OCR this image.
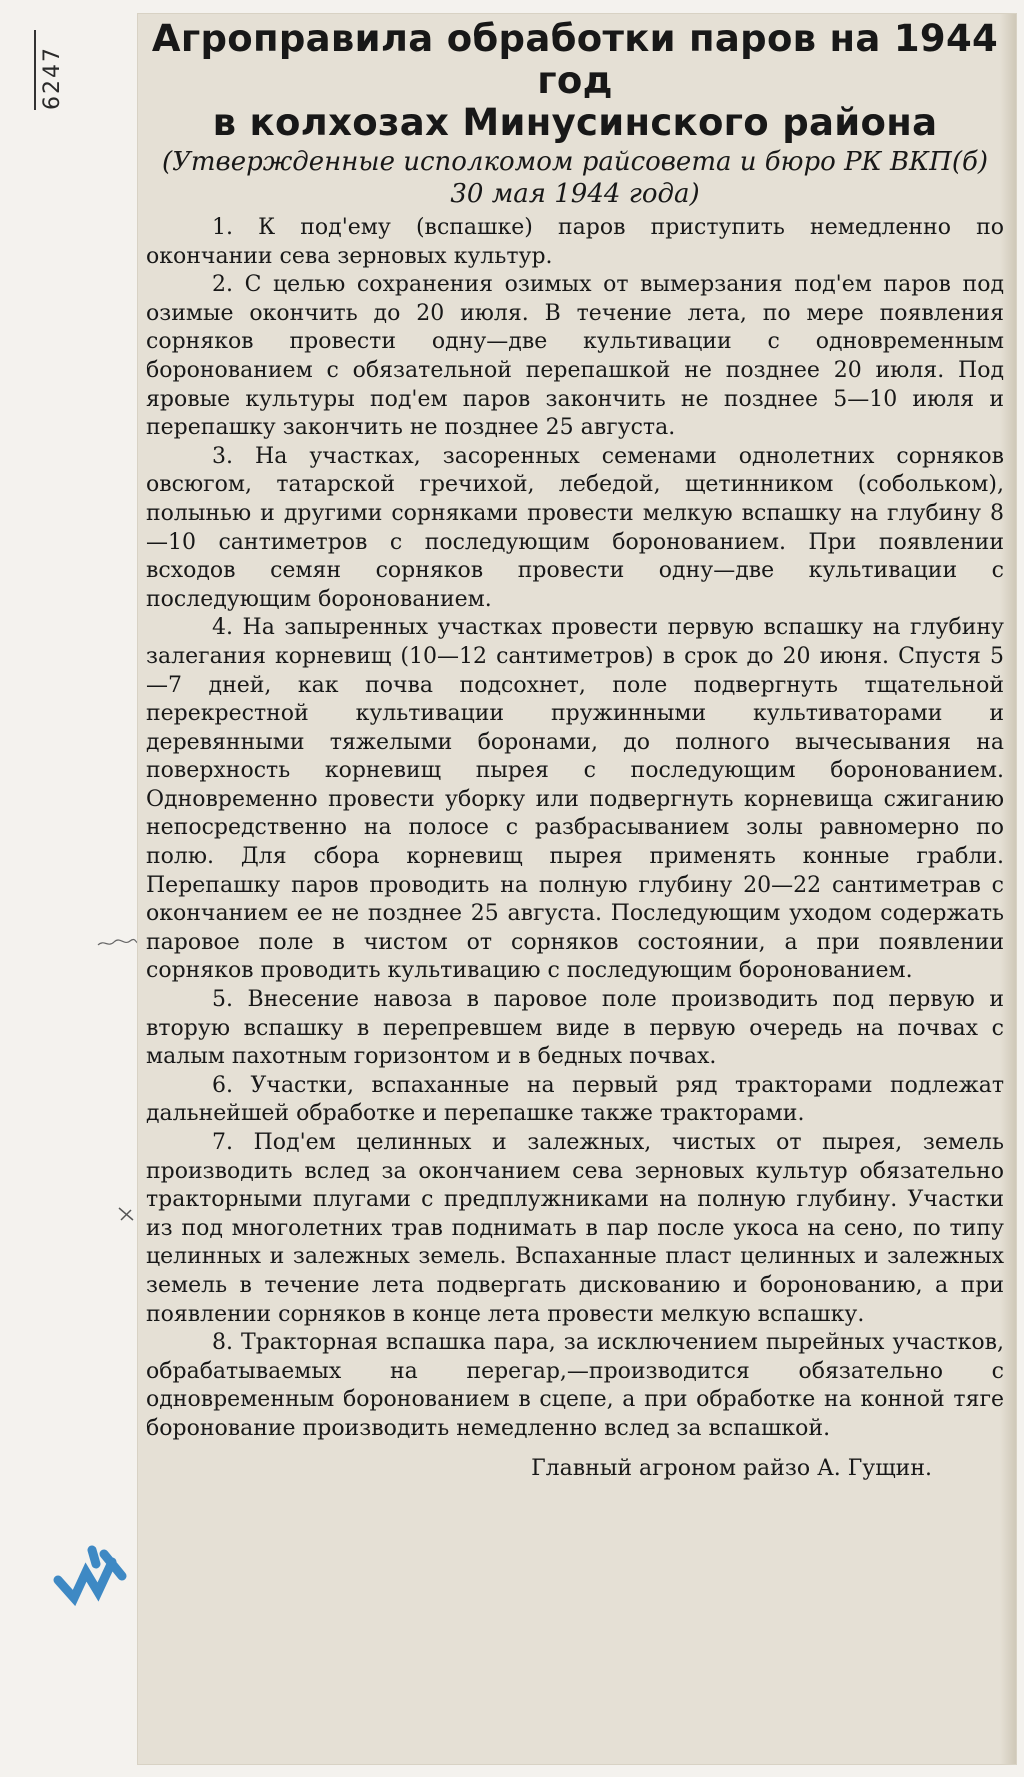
6247
Агроправила обработки паров на 1944 год
в колхозах Минусинского района

(Утвержденные исполкомом райсовета и бюро РК ВКП(б) 30 мая 1944 года)

1. К под'ему (вспашке) паров приступить немедленно по окончании сева зерновых культур.

2. С целью сохранения озимых от вымерзания под'ем паров под озимые окончить до 20 июля. В течение лета, по мере появления сорняков провести одну—две культивации с одновременным боронованием с обязательной перепашкой не позднее 20 июля. Под яровые культуры под'ем паров закончить не позднее 5—10 июля и перепашку закончить не позднее 25 августа.

3. На участках, засоренных семенами однолетних сорняков овсюгом, татарской гречихой, лебедой, щетинником (собольком), полынью и другими сорняками провести мелкую вспашку на глубину 8—10 сантиметров с последующим боронованием. При появлении всходов семян сорняков провести одну—две культивации с последующим боронованием.

4. На запыренных участках провести первую вспашку на глубину залегания корневищ (10—12 сантиметров) в срок до 20 июня. Спустя 5—7 дней, как почва подсохнет, поле подвергнуть тщательной перекрестной культивации пружинными культиваторами и деревянными тяжелыми боронами, до полного вычесывания на поверхность корневищ пырея с последующим боронованием. Одновременно провести уборку или подвергнуть корневища сжиганию непосредственно на полосе с разбрасыванием золы равномерно по полю. Для сбора корневищ пырея применять конные грабли. Перепашку паров проводить на полную глубину 20—22 сантиметрав с окончанием ее не позднее 25 августа. Последующим уходом содержать паровое поле в чистом от сорняков состоянии, а при появлении сорняков проводить культивацию с последующим боронованием.

5. Внесение навоза в паровое поле производить под первую и вторую вспашку в перепревшем виде в первую очередь на почвах с малым пахотным горизонтом и в бедных почвах.

6. Участки, вспаханные на первый ряд тракторами подлежат дальнейшей обработке и перепашке также тракторами.

7. Под'ем целинных и залежных, чистых от пырея, земель производить вслед за окончанием сева зерновых культур обязательно тракторными плугами с предплужниками на полную глубину. Участки из под многолетних трав поднимать в пар после укоса на сено, по типу целинных и залежных земель. Вспаханные пласт целинных и залежных земель в течение лета подвергать дискованию и боронованию, а при появлении сорняков в конце лета провести мелкую вспашку.

8. Тракторная вспашка пара, за исключением пырейных участков, обрабатываемых на перегар,—производится обязательно с одновременным боронованием в сцепе, а при обработке на конной тяге боронование производить немедленно вслед за вспашкой.

Главный агроном райзо А. Гущин.
